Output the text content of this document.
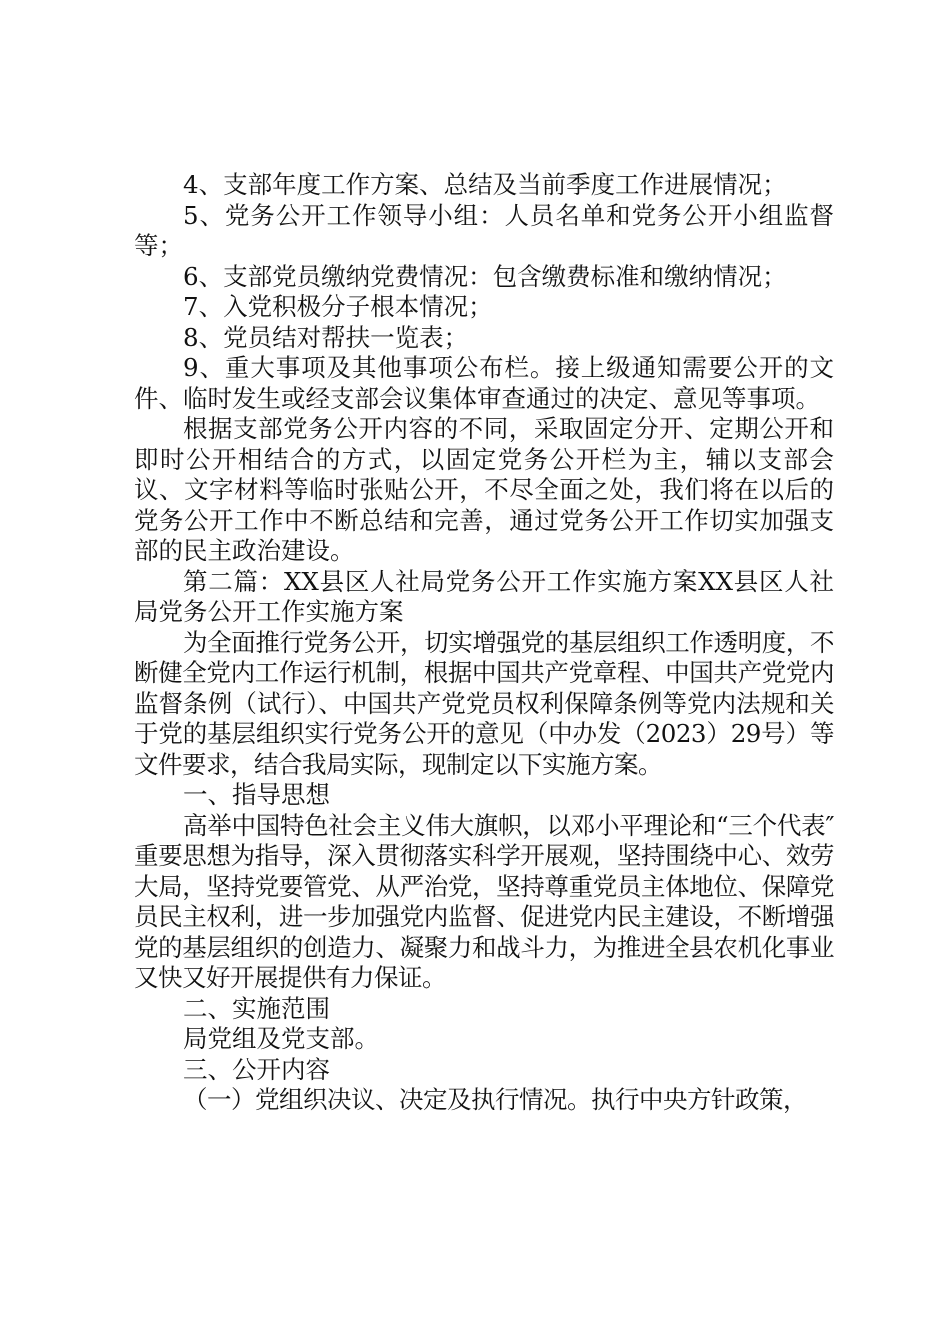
4、支部年度工作方案、总结及当前季度工作进展情况；

5、党务公开工作领导小组：人员名单和党务公开小组监督　　等；

6、支部党员缴纳党费情况：包含缴费标准和缴纳情况；

7、入党积极分子根本情况；

8、党员结对帮扶一览表；

9、重大事项及其他事项公布栏。接上级通知需要公开的文件、临时发生或经支部会议集体审查通过的决定、意见等事项。

根据支部党务公开内容的不同，采取固定分开、定期公开和即时公开相结合的方式，以固定党务公开栏为主，辅以支部会议、文字材料等临时张贴公开，不尽全面之处，我们将在以后的党务公开工作中不断总结和完善，通过党务公开工作切实加强支部的民主政治建设。

第二篇：XX县区人社局党务公开工作实施方案XX县区人社局党务公开工作实施方案

为全面推行党务公开，切实增强党的基层组织工作透明度，不断健全党内工作运行机制，根据中国共产党章程、中国共产党党内监督条例（试行）、中国共产党党员权利保障条例等党内法规和关于党的基层组织实行党务公开的意见（中办发（2023）29号）等文件要求，结合我局实际，现制定以下实施方案。

一、指导思想

高举中国特色社会主义伟大旗帜，以邓小平理论和“三个代表″重要思想为指导，深入贯彻落实科学开展观，坚持围绕中心、效劳大局，坚持党要管党、从严治党，坚持尊重党员主体地位、保障党员民主权利，进一步加强党内监督、促进党内民主建设，不断增强党的基层组织的创造力、凝聚力和战斗力，为推进全县农机化事业又快又好开展提供有力保证。

二、实施范围

局党组及党支部。

三、公开内容

（一）党组织决议、决定及执行情况。执行中央方针政策，
